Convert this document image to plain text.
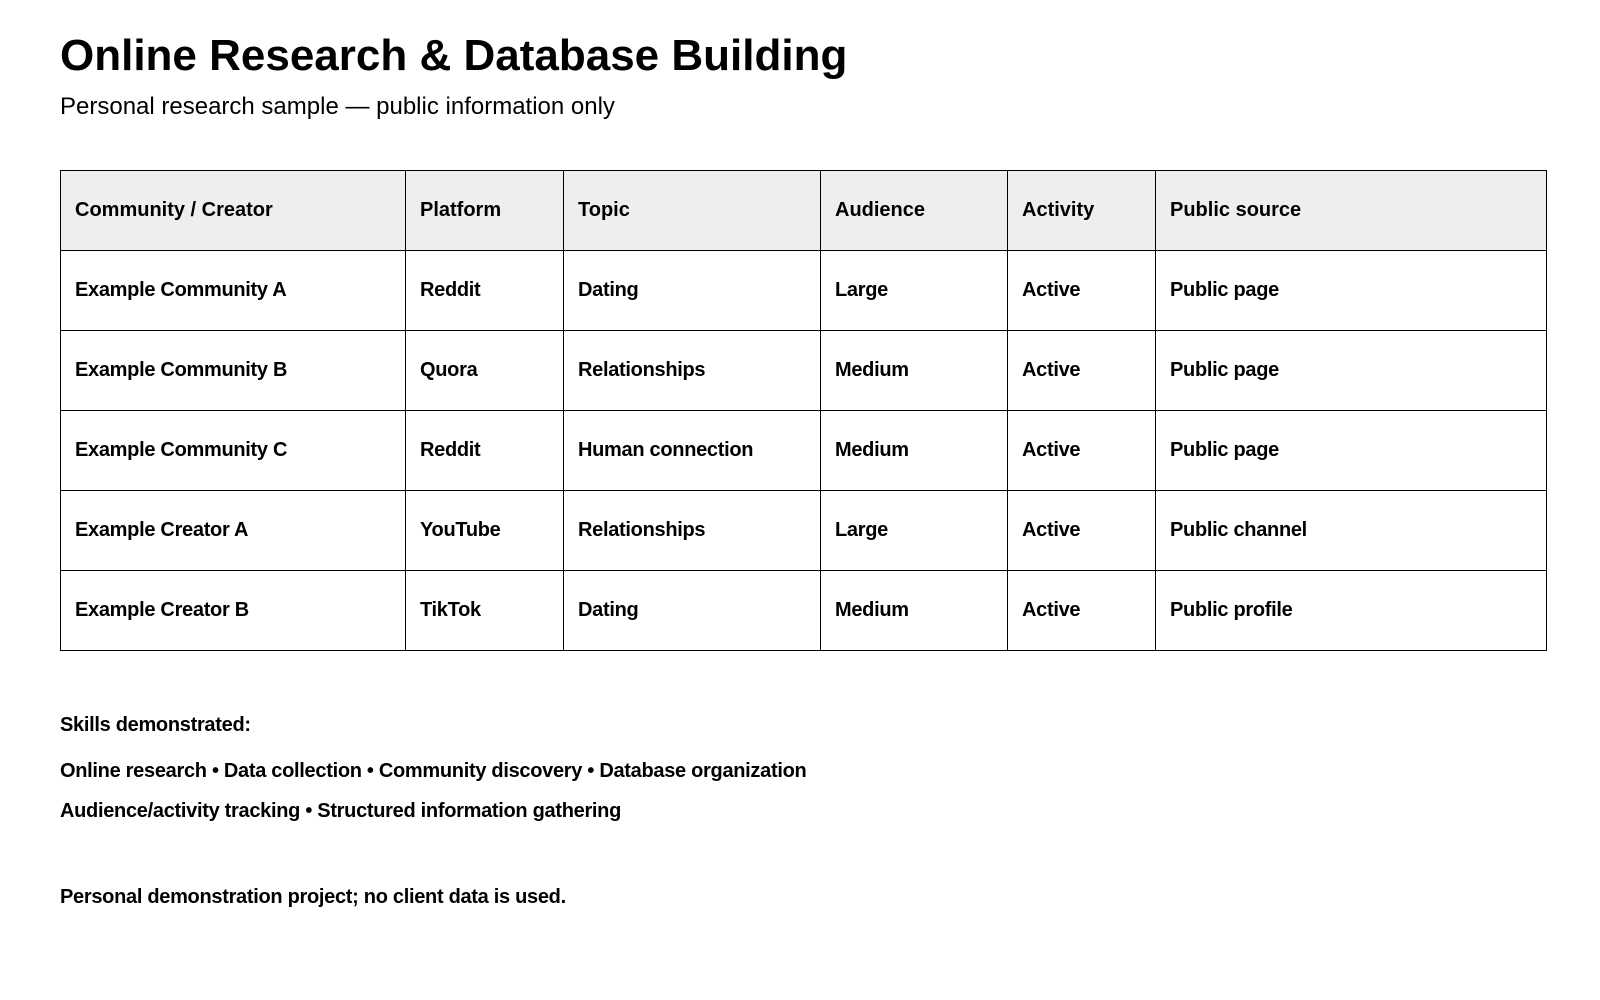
Online Research & Database Building

Personal research sample — public information only

Community / Creator	Platform	Topic	Audience	Activity	Public source
Example Community A	Reddit	Dating	Large	Active	Public page
Example Community B	Quora	Relationships	Medium	Active	Public page
Example Community C	Reddit	Human connection	Medium	Active	Public page
Example Creator A	YouTube	Relationships	Large	Active	Public channel
Example Creator B	TikTok	Dating	Medium	Active	Public profile

Skills demonstrated:

Online research • Data collection • Community discovery • Database organization

Audience/activity tracking • Structured information gathering

Personal demonstration project; no client data is used.
